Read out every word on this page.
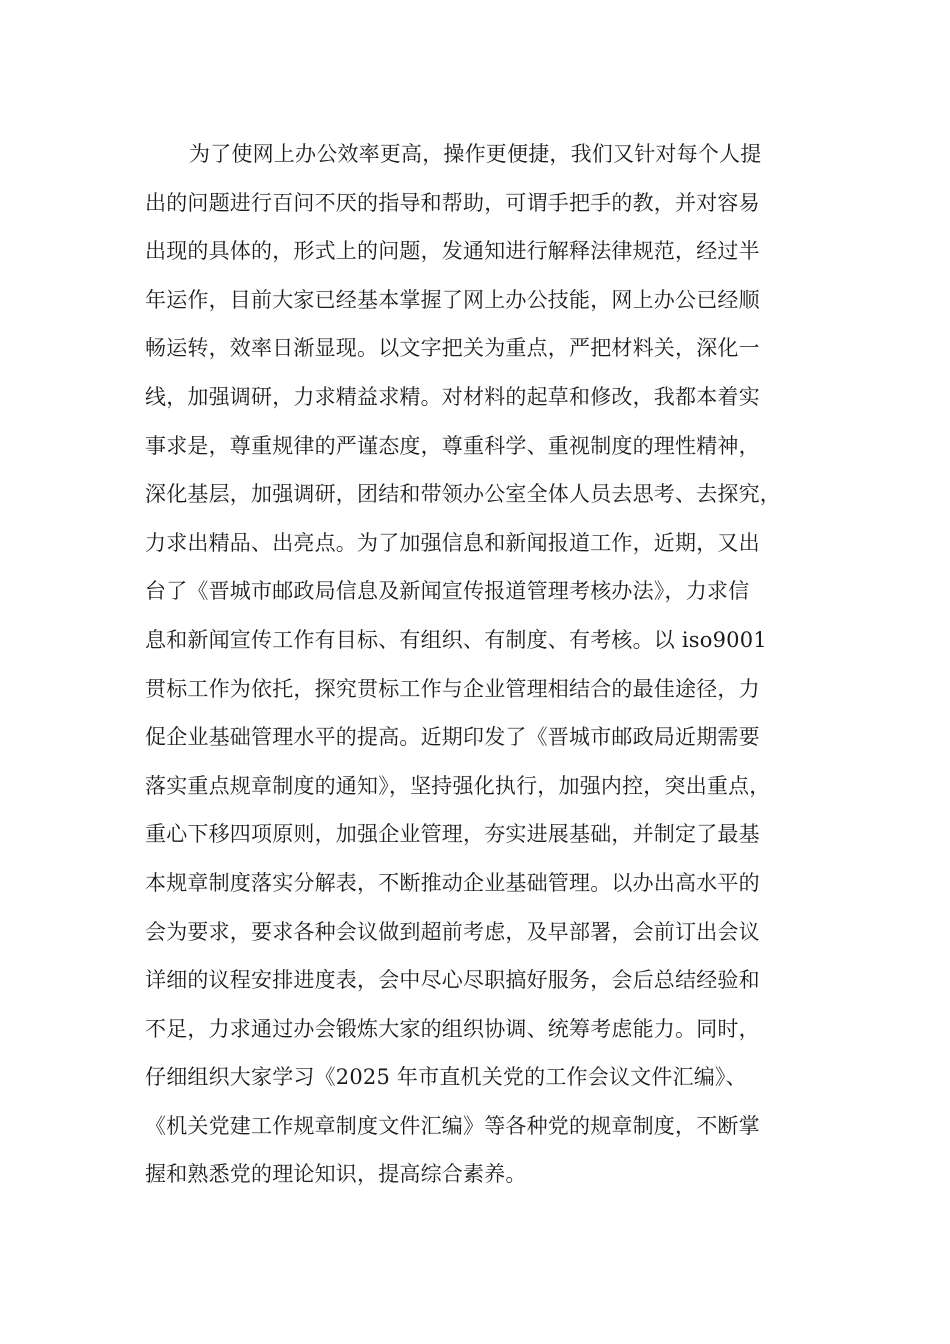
为了使网上办公效率更高，操作更便捷，我们又针对每个人提
出的问题进行百问不厌的指导和帮助，可谓手把手的教，并对容易
出现的具体的，形式上的问题，发通知进行解释法律规范，经过半
年运作，目前大家已经基本掌握了网上办公技能，网上办公已经顺
畅运转，效率日渐显现。以文字把关为重点，严把材料关，深化一
线，加强调研，力求精益求精。对材料的起草和修改，我都本着实
事求是，尊重规律的严谨态度，尊重科学、重视制度的理性精神，
深化基层，加强调研，团结和带领办公室全体人员去思考、去探究，
力求出精品、出亮点。为了加强信息和新闻报道工作，近期，又出
台了《晋城市邮政局信息及新闻宣传报道管理考核办法》，力求信
息和新闻宣传工作有目标、有组织、有制度、有考核。以 iso9001
贯标工作为依托，探究贯标工作与企业管理相结合的最佳途径，力
促企业基础管理水平的提高。近期印发了《晋城市邮政局近期需要
落实重点规章制度的通知》，坚持强化执行，加强内控，突出重点，
重心下移四项原则，加强企业管理，夯实进展基础，并制定了最基
本规章制度落实分解表，不断推动企业基础管理。以办出高水平的
会为要求，要求各种会议做到超前考虑，及早部署，会前订出会议
详细的议程安排进度表，会中尽心尽职搞好服务，会后总结经验和
不足，力求通过办会锻炼大家的组织协调、统筹考虑能力。同时，
仔细组织大家学习《2025 年市直机关党的工作会议文件汇编》、
《机关党建工作规章制度文件汇编》等各种党的规章制度，不断掌
握和熟悉党的理论知识，提高综合素养。
